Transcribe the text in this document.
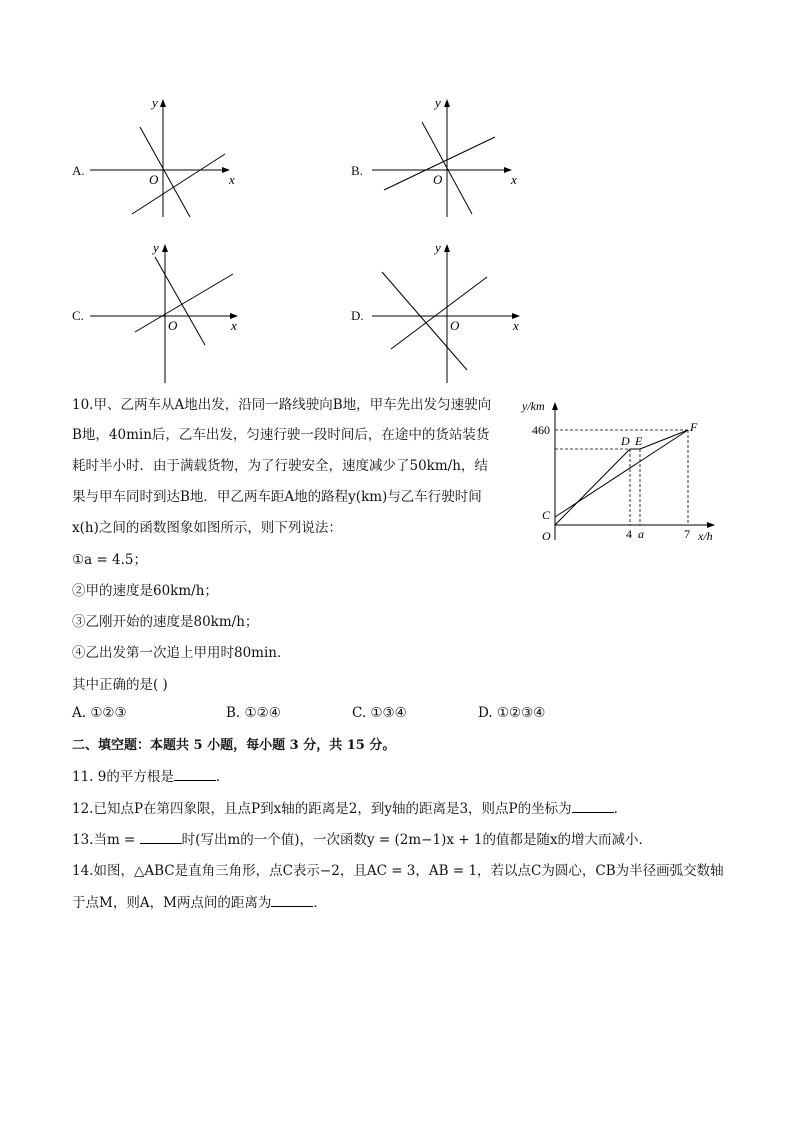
A.
O	x
y
B.
O	x
y
C.
O	x
y
D.
O	x
y
10.甲、乙两车从A地出发，沿同一路线驶向B地，甲车先出发匀速驶向
B地，40min后，乙车出发，匀速行驶一段时间后，在途中的货站装货
耗时半小时．由于满载货物，为了行驶安全，速度减少了50km/h，结
果与甲车同时到达B地．甲乙两车距A地的路程y(km)与乙车行驶时间
x(h)之间的函数图象如图所示，则下列说法：
①a = 4.5；
②甲的速度是60km/h；
③乙刚开始的速度是80km/h；
④乙出发第一次追上甲用时80min．
其中正确的是( )
A. ①②③	B. ①②④	C. ①③④	D. ①②③④
y/km
460
C
O
D E
F
4 a	7 x/h
二、填空题：本题共 5 小题，每小题 3 分，共 15 分。
11. 9的平方根是	．
12.已知点P在第四象限，且点P到x轴的距离是2，到y轴的距离是3，则点P的坐标为	．
13.当m =	时(写出m的一个值)，一次函数y = (2m−1)x + 1的值都是随x的增大而减小．
14.如图，△ABC是直角三角形，点C表示−2，且AC = 3，AB = 1，若以点C为圆心，CB为半径画弧交数轴
于点M，则A，M两点间的距离为	．
